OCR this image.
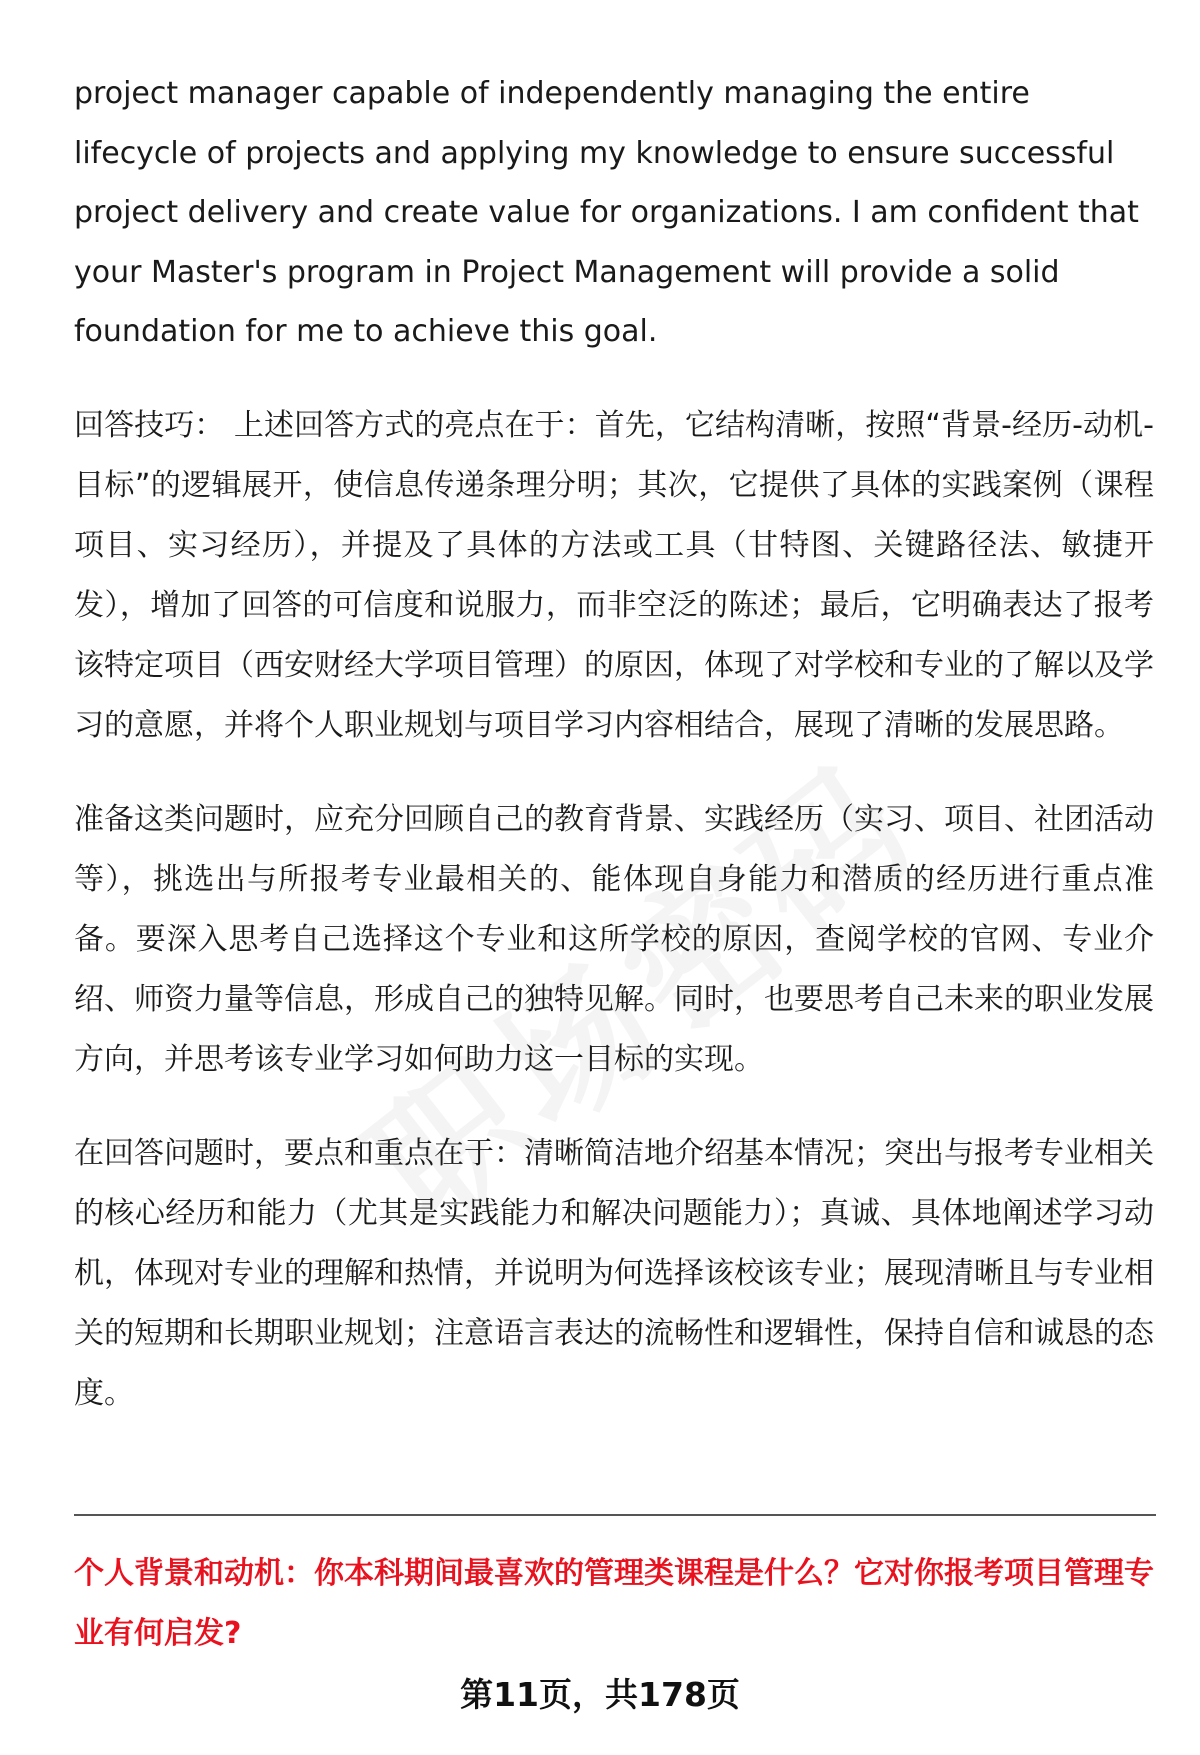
project manager capable of independently managing the entire lifecycle of projects and applying my knowledge to ensure successful project delivery and create value for organizations. I am confident that your Master's program in Project Management will provide a solid foundation for me to achieve this goal.

回答技巧： 上述回答方式的亮点在于：首先，它结构清晰，按照“背景-经历-动机-目标”的逻辑展开，使信息传递条理分明；其次，它提供了具体的实践案例（课程项目、实习经历），并提及了具体的方法或工具（甘特图、关键路径法、敏捷开发），增加了回答的可信度和说服力，而非空泛的陈述；最后，它明确表达了报考该特定项目（西安财经大学项目管理）的原因，体现了对学校和专业的了解以及学习的意愿，并将个人职业规划与项目学习内容相结合，展现了清晰的发展思路。

准备这类问题时，应充分回顾自己的教育背景、实践经历（实习、项目、社团活动等），挑选出与所报考专业最相关的、能体现自身能力和潜质的经历进行重点准备。要深入思考自己选择这个专业和这所学校的原因，查阅学校的官网、专业介绍、师资力量等信息，形成自己的独特见解。同时，也要思考自己未来的职业发展方向，并思考该专业学习如何助力这一目标的实现。

在回答问题时，要点和重点在于：清晰简洁地介绍基本情况；突出与报考专业相关的核心经历和能力（尤其是实践能力和解决问题能力）；真诚、具体地阐述学习动机，体现对专业的理解和热情，并说明为何选择该校该专业；展现清晰且与专业相关的短期和长期职业规划；注意语言表达的流畅性和逻辑性，保持自信和诚恳的态度。

个人背景和动机：你本科期间最喜欢的管理类课程是什么？它对你报考项目管理专业有何启发?
第11页，共178页
